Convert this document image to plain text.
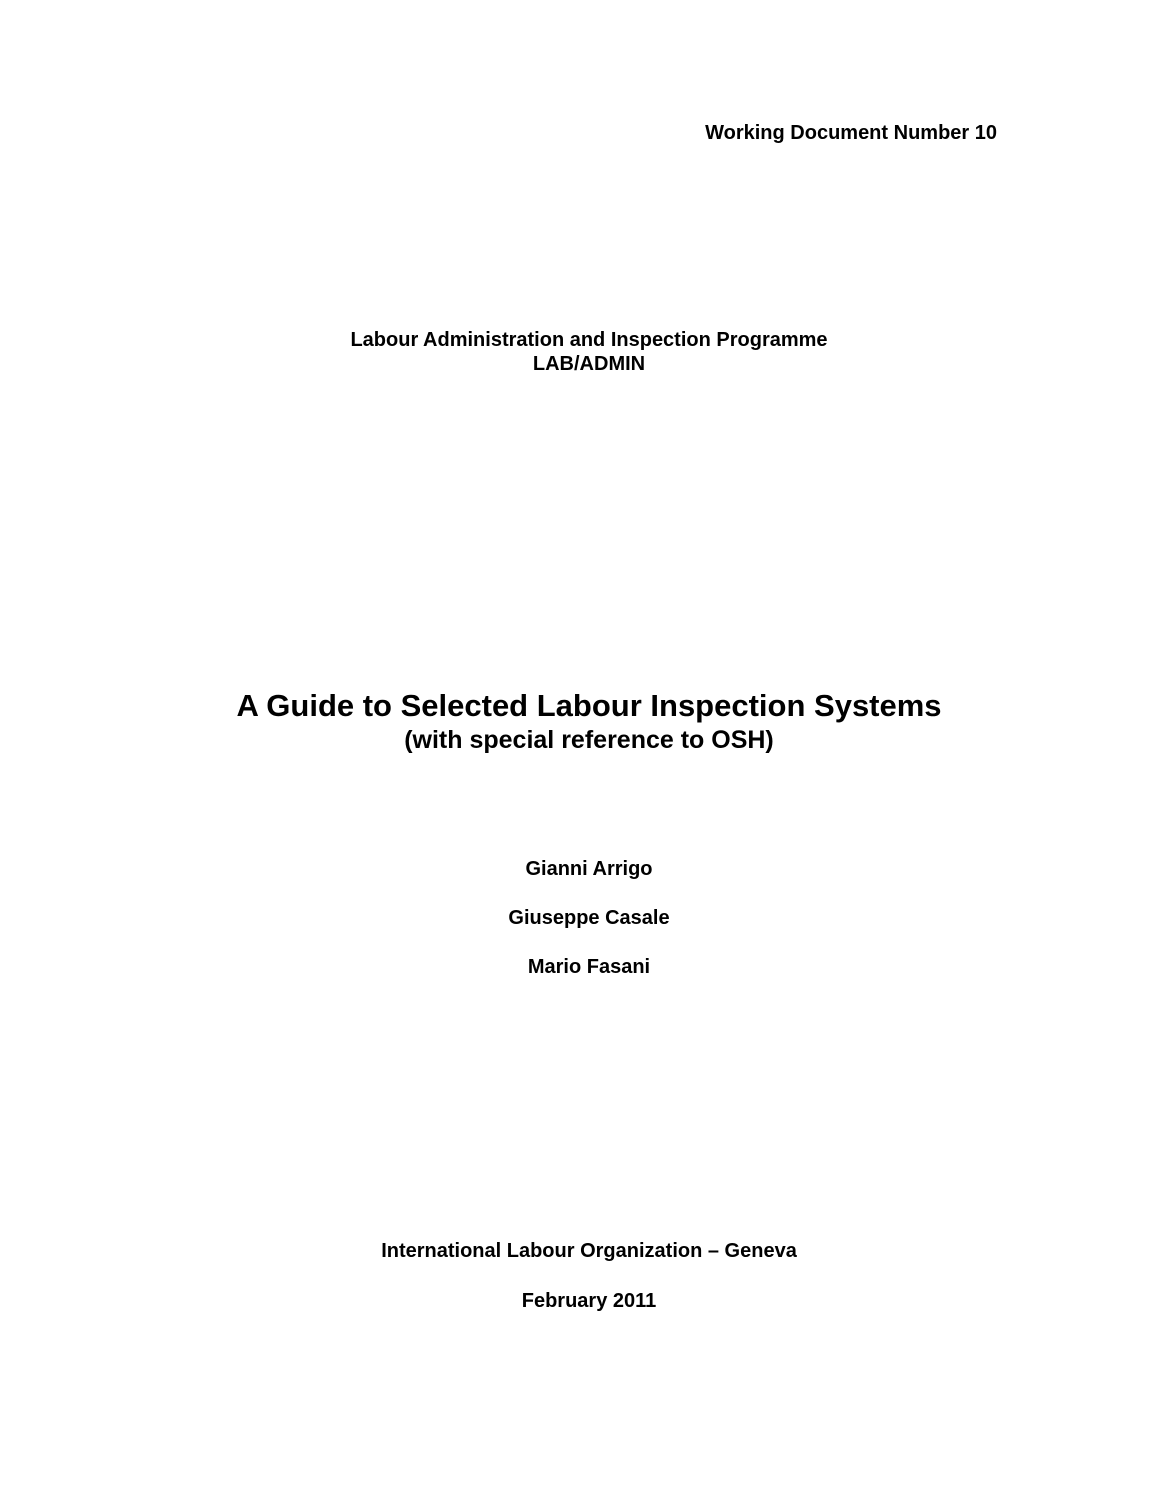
Working Document Number 10
Labour Administration and Inspection Programme
LAB/ADMIN
A Guide to Selected Labour Inspection Systems
(with special reference to OSH)
Gianni Arrigo
Giuseppe Casale
Mario Fasani
International Labour Organization – Geneva
February 2011
